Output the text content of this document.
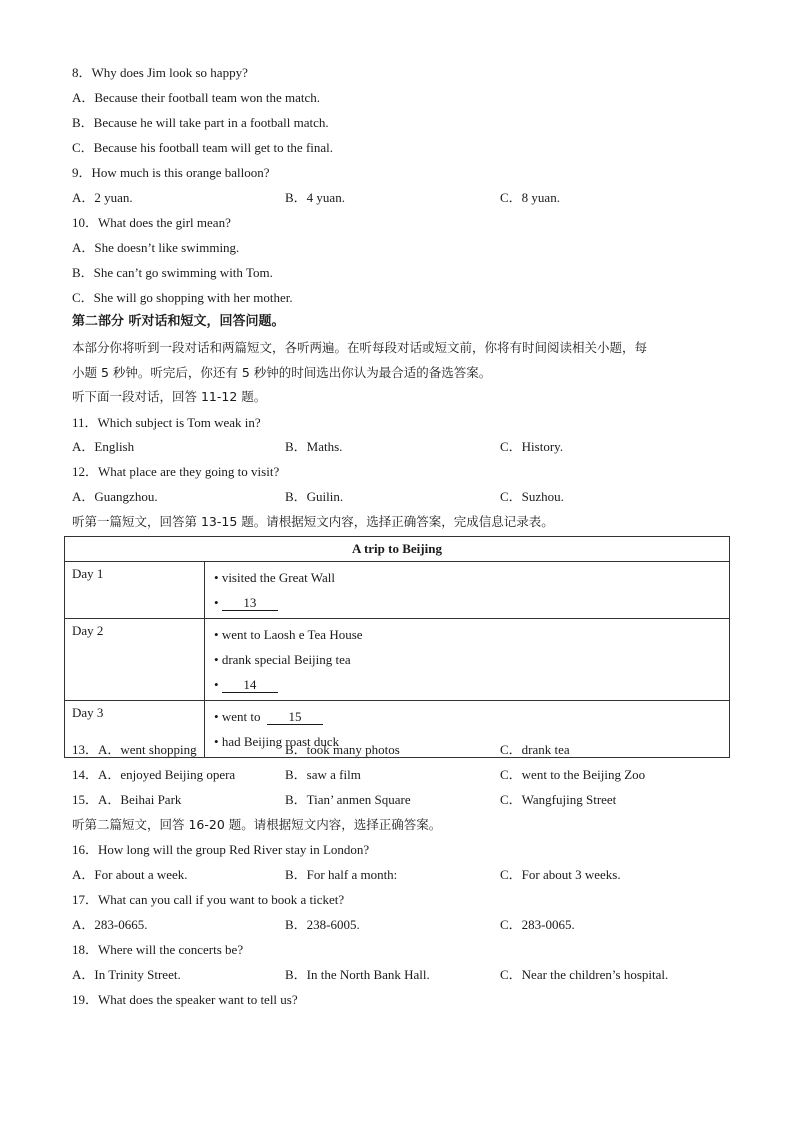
8．Why does Jim look so happy?
A．Because their football team won the match.
B．Because he will take part in a football match.
C．Because his football team will get to the final.
9．How much is this orange balloon?
A．2 yuan.	B．4 yuan.	C．8 yuan.
10．What does the girl mean?
A．She doesn’t like swimming.
B．She can’t go swimming with Tom.
C．She will go shopping with her mother.
第二部分 听对话和短文，回答问题。
本部分你将听到一段对话和两篇短文，各听两遍。在听每段对话或短文前，你将有时间阅读相关小题，每
小题 5 秒钟。听完后，你还有 5 秒钟的时间选出你认为最合适的备选答案。
听下面一段对话，回答 11-12 题。
11．Which subject is Tom weak in?
A．English	B．Maths.	C．History.
12．What place are they going to visit?
A．Guangzhou.	B．Guilin.	C．Suzhou.
听第一篇短文，回答第 13-15 题。请根据短文内容，选择正确答案，完成信息记录表。
A trip to Beijing	
Day 1	• visited the Great Wall
• 13

Day 2	• went to Laosh e Tea House
• drank special Beijing tea
• 14

Day 3	• went to 15
• had Beijing roast duck
13．A．went shopping	B．took many photos	C．drank tea
14．A．enjoyed Beijing opera	B．saw a film	C．went to the Beijing Zoo
15．A．Beihai Park	B．Tian’ anmen Square	C．Wangfujing Street
听第二篇短文，回答 16-20 题。请根据短文内容，选择正确答案。
16．How long will the group Red River stay in London?
A．For about a week.	B．For half a month:	C．For about 3 weeks.
17．What can you call if you want to book a ticket?
A．283-0665.	B．238-6005.	C．283-0065.
18．Where will the concerts be?
A．In Trinity Street.	B．In the North Bank Hall.	C．Near the children’s hospital.
19．What does the speaker want to tell us?
